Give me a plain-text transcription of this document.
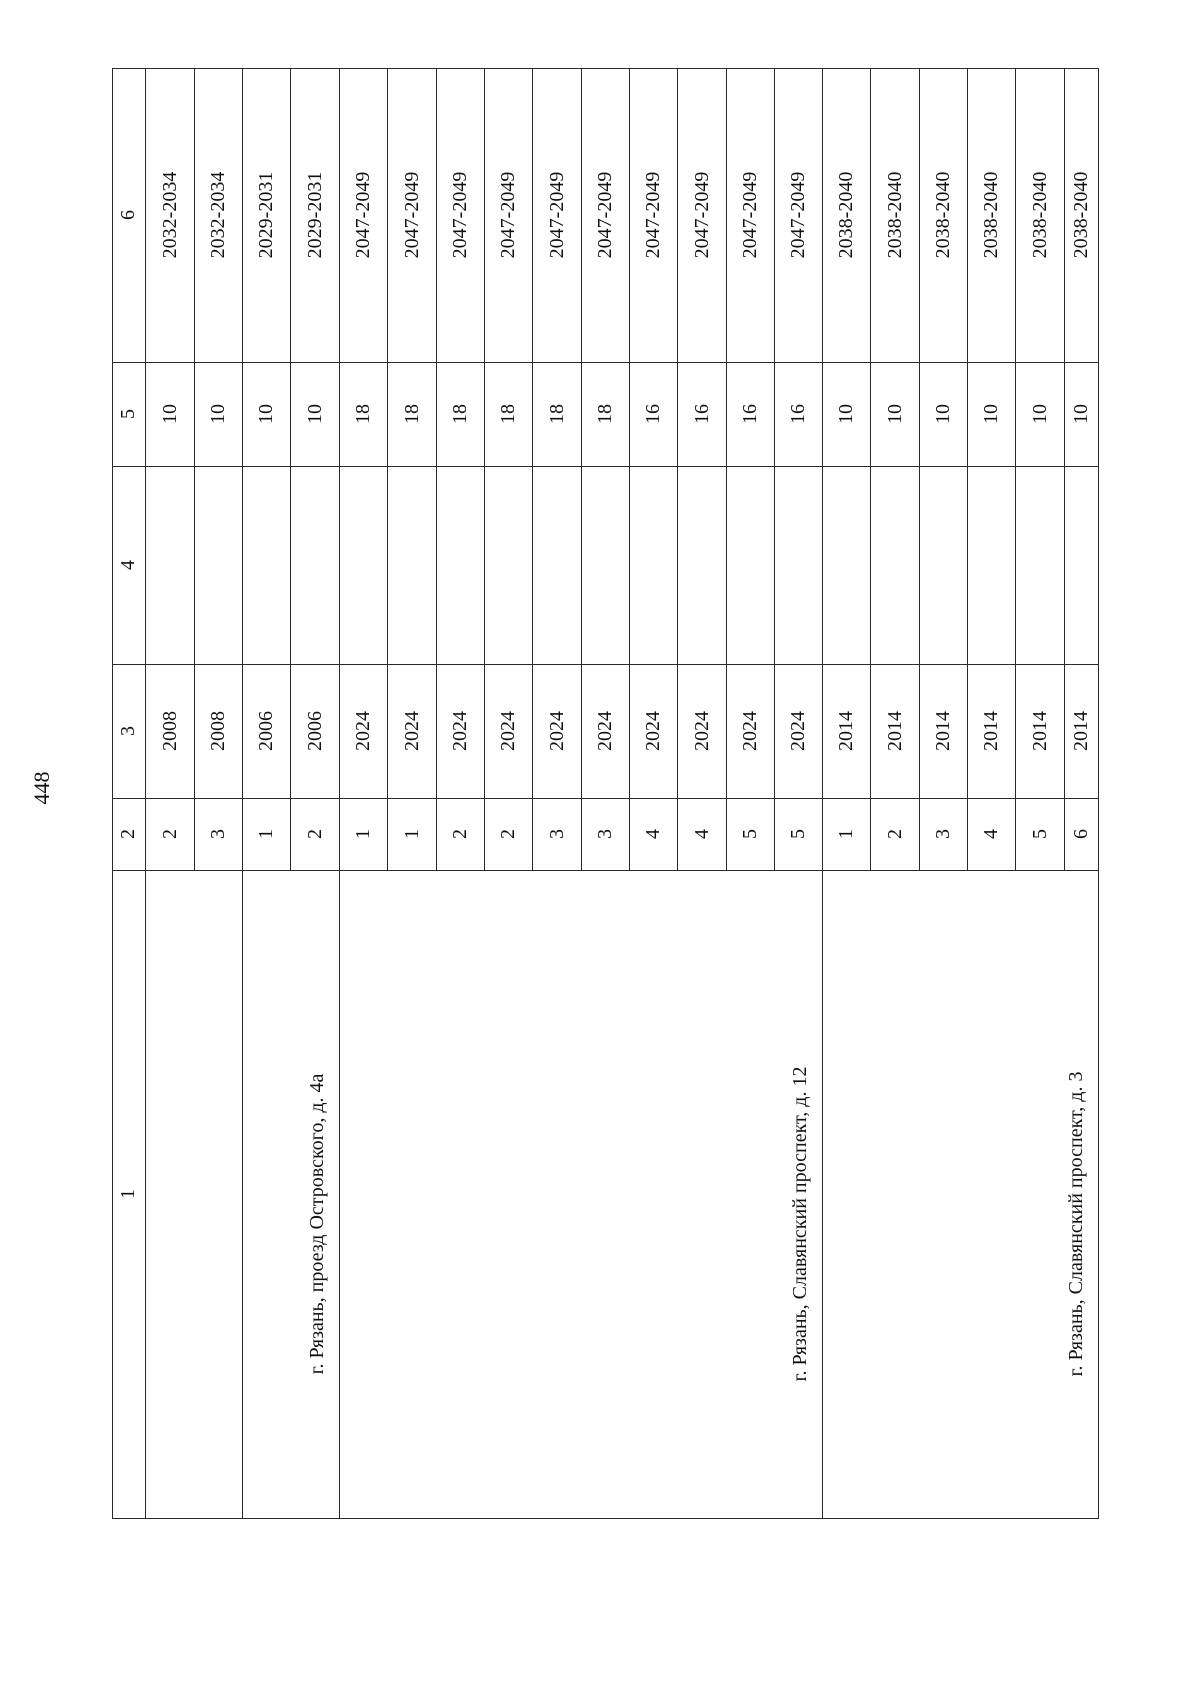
448
1
2
3
4
5
6
2
2008
10
2032-2034
3
2008
10
2032-2034
г. Рязань, проезд Островского, д. 4а
1
2006
10
2029-2031
2
2006
10
2029-2031
г. Рязань, Славянский проспект, д. 12
1
2024
18
2047-2049
1
2024
18
2047-2049
2
2024
18
2047-2049
2
2024
18
2047-2049
3
2024
18
2047-2049
3
2024
18
2047-2049
4
2024
16
2047-2049
4
2024
16
2047-2049
5
2024
16
2047-2049
5
2024
16
2047-2049
г. Рязань, Славянский проспект, д. 3
1
2014
10
2038-2040
2
2014
10
2038-2040
3
2014
10
2038-2040
4
2014
10
2038-2040
5
2014
10
2038-2040
6
2014
10
2038-2040
